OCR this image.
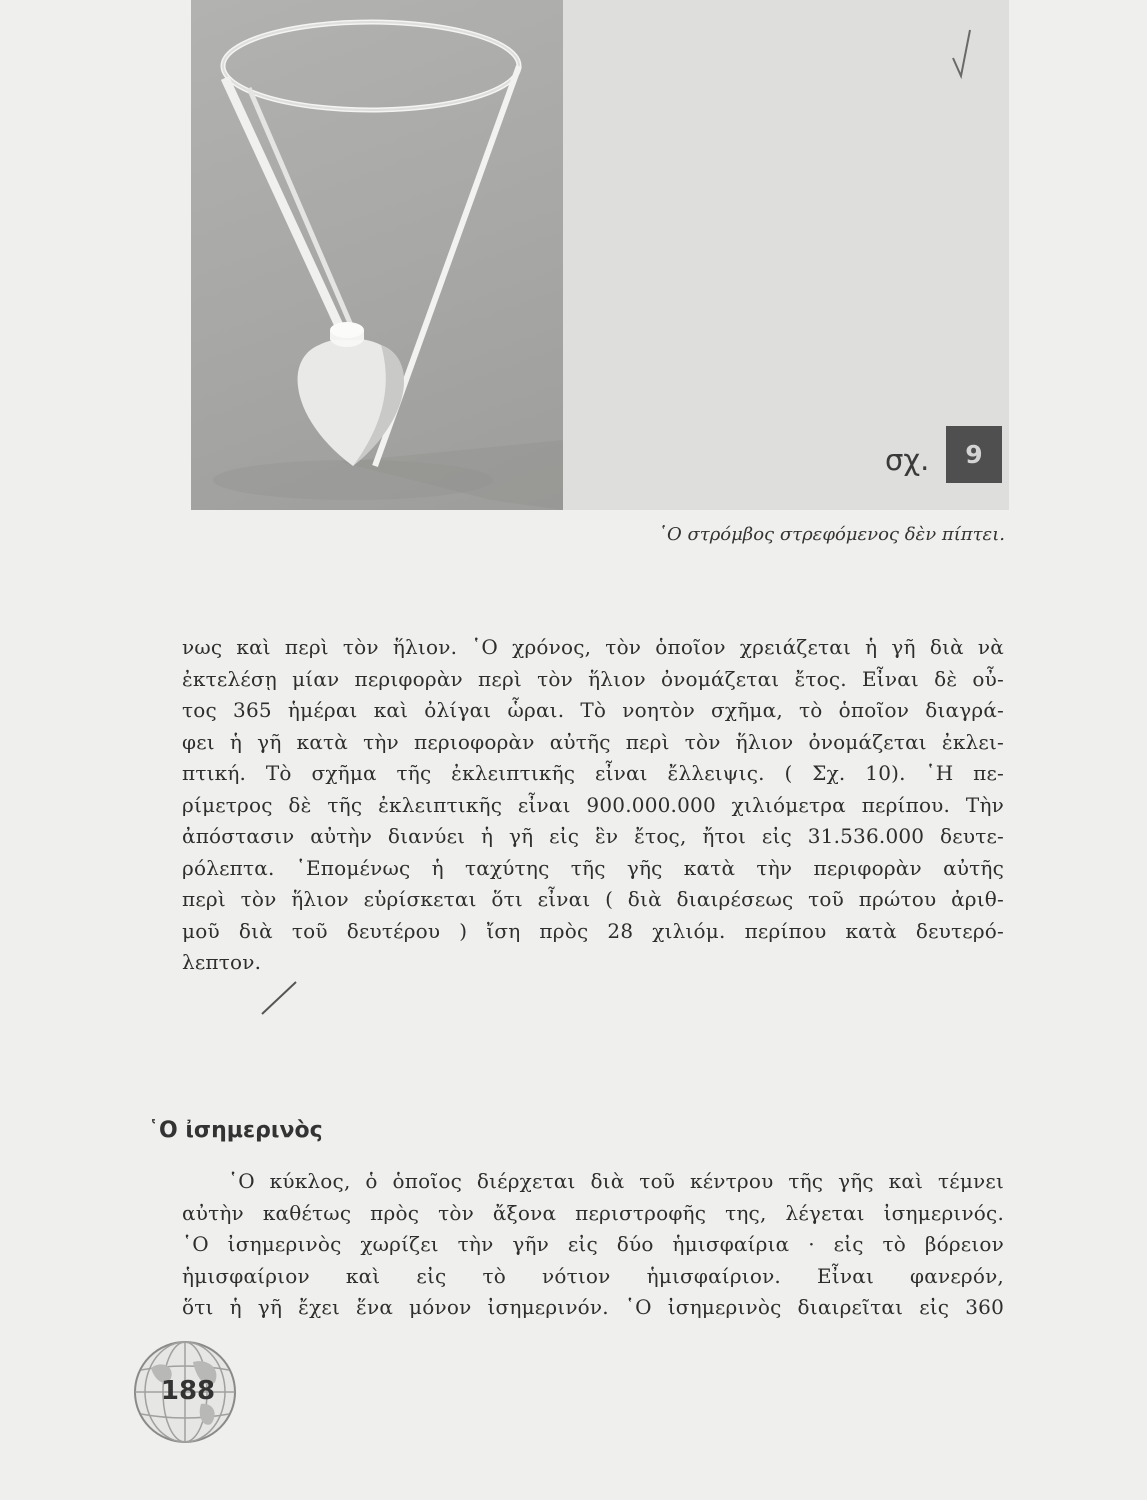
σχ.	9
῾Ο στρόμβος στρεφόμενος δὲν πίπτει.
νως καὶ περὶ τὸν ἥλιον. ῾Ο χρόνος, τὸν ὁποῖον χρειάζεται ἡ γῆ διὰ νὰ
ἐκτελέσῃ μίαν περιφορὰν περὶ τὸν ἥλιον ὀνομάζεται ἔτος. Εἶναι δὲ οὖ-
τος 365 ἡμέραι καὶ ὀλίγαι ὧραι. Τὸ νοητὸν σχῆμα, τὸ ὁποῖον διαγρά-
φει ἡ γῆ κατὰ τὴν περιοφορὰν αὐτῆς περὶ τὸν ἥλιον ὀνομάζεται ἐκλει-
πτική. Τὸ σχῆμα τῆς ἐκλειπτικῆς εἶναι ἔλλειψις. ( Σχ. 10). ῾Η πε-
ρίμετρος δὲ τῆς ἐκλειπτικῆς εἶναι 900.000.000 χιλιόμετρα περίπου. Τὴν
ἀπόστασιν αὐτὴν διανύει ἡ γῆ εἰς ἓν ἔτος, ἤτοι εἰς 31.536.000 δευτε-
ρόλεπτα. ῾Επομένως ἡ ταχύτης τῆς γῆς κατὰ τὴν περιφορὰν αὐτῆς
περὶ τὸν ἥλιον εὑρίσκεται ὅτι εἶναι ( διὰ διαιρέσεως τοῦ πρώτου ἀριθ-
μοῦ διὰ τοῦ δευτέρου ) ἴση πρὸς 28 χιλιόμ. περίπου κατὰ δευτερό-
λεπτον.
῾Ο ἰσημερινὸς
῾Ο κύκλος, ὁ ὁποῖος διέρχεται διὰ τοῦ κέντρου τῆς γῆς καὶ τέμνει
αὐτὴν καθέτως πρὸς τὸν ἄξονα περιστροφῆς της, λέγεται ἰσημερινός.
῾Ο ἰσημερινὸς χωρίζει τὴν γῆν εἰς δύο ἡμισφαίρια · εἰς τὸ βόρειον
ἡμισφαίριον καὶ εἰς τὸ νότιον ἡμισφαίριον. Εἶναι φανερόν,
ὅτι ἡ γῆ ἔχει ἕνα μόνον ἰσημερινόν. ῾Ο ἰσημερινὸς διαιρεῖται εἰς 360
188
